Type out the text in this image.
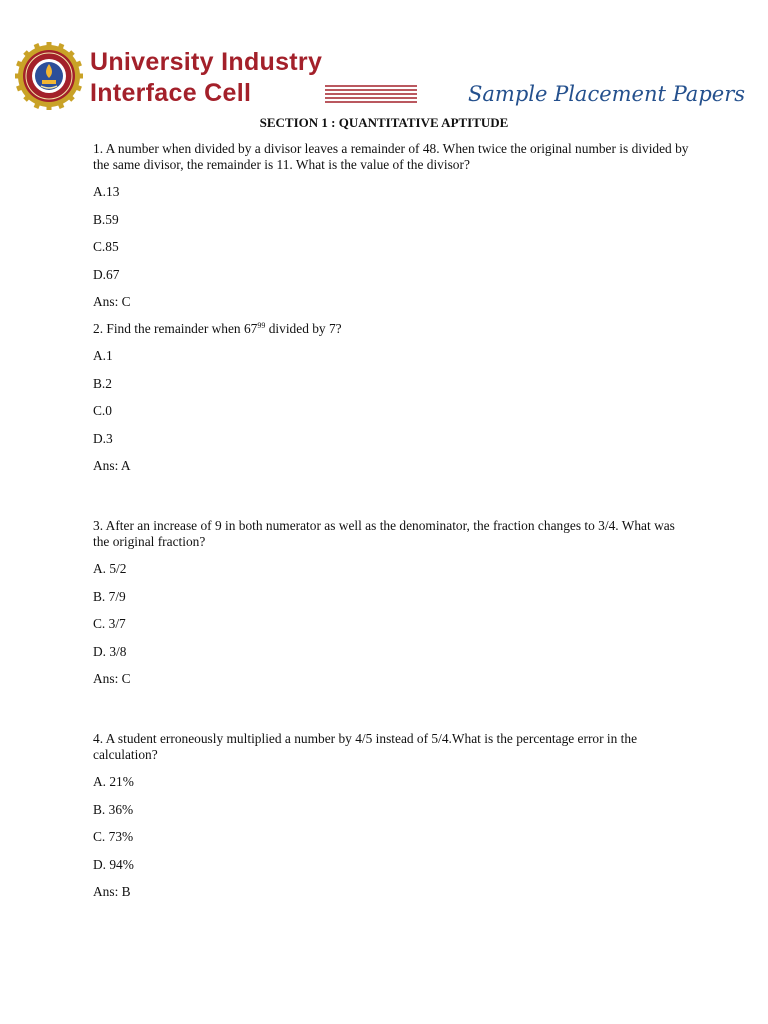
University Industry
Interface Cell	Sample Placement Papers
SECTION 1 : QUANTITATIVE APTITUDE

1. A number when divided by a divisor leaves a remainder of 48. When twice the original number is divided by the same divisor, the remainder is 11. What is the value of the divisor?

A.13

B.59

C.85

D.67

Ans: C

2. Find the remainder when $67^{99}$ divided by 7?

A.1

B.2

C.0

D.3

Ans: A

3. After an increase of 9 in both numerator as well as the denominator, the fraction changes to 3/4. What was the original fraction?

A. 5/2

B. 7/9

C. 3/7

D. 3/8

Ans: C

4. A student erroneously multiplied a number by 4/5 instead of 5/4.What is the percentage error in the calculation?

A. 21%

B. 36%

C. 73%

D. 94%

Ans: B
